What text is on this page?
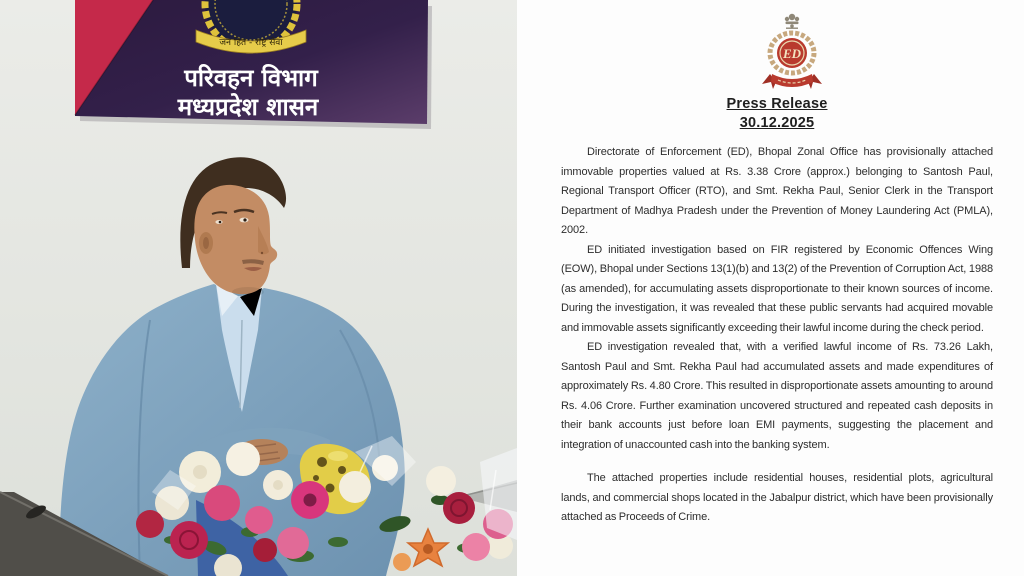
जन हित - राष्ट्र सेवा
परिवहन विभाग
मध्यप्रदेश शासन
ED

Press Release

30.12.2025

Directorate of Enforcement (ED), Bhopal Zonal Office has provisionally attached immovable properties valued at Rs. 3.38 Crore (approx.) belonging to Santosh Paul, Regional Transport Officer (RTO), and Smt. Rekha Paul, Senior Clerk in the Transport Department of Madhya Pradesh under the Prevention of Money Laundering Act (PMLA), 2002.

ED initiated investigation based on FIR registered by Economic Offences Wing (EOW), Bhopal under Sections 13(1)(b) and 13(2) of the Prevention of Corruption Act, 1988 (as amended), for accumulating assets disproportionate to their known sources of income. During the investigation, it was revealed that these public servants had acquired movable and immovable assets significantly exceeding their lawful income during the check period.

ED investigation revealed that, with a verified lawful income of Rs. 73.26 Lakh, Santosh Paul and Smt. Rekha Paul had accumulated assets and made expenditures of approximately Rs. 4.80 Crore. This resulted in disproportionate assets amounting to around Rs. 4.06 Crore. Further examination uncovered structured and repeated cash deposits in their bank accounts just before loan EMI payments, suggesting the placement and integration of unaccounted cash into the banking system.

The attached properties include residential houses, residential plots, agricultural lands, and commercial shops located in the Jabalpur district, which have been provisionally attached as Proceeds of Crime.
